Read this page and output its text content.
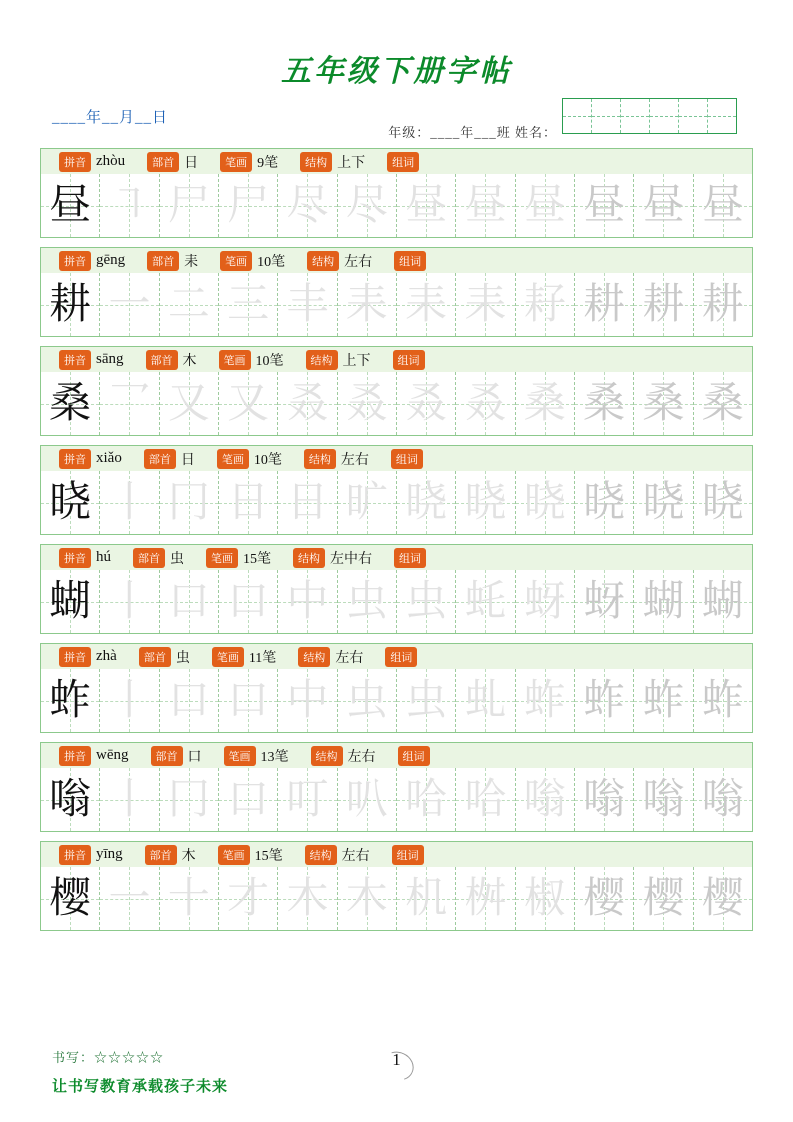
五年级下册字帖
____年__月__日
年级：____年___班 姓名：
拼音 zhòu	部首 日	笔画 9笔	结构 上下	组词
昼 ㇕ 尸 尸 尽 尽 昼 昼 昼 昼 昼 昼
拼音 gēng	部首 耒	笔画 10笔	结构 左右	组词
耕 一 二 三 丰 耒 耒 耒 耔 耕 耕 耕
拼音 sāng	部首 木	笔画 10笔	结构 上下	组词
桑 乛 又 又 叒 叒 叒 叒 桑 桑 桑 桑
拼音 xiǎo	部首 日	笔画 10笔	结构 左右	组词
晓 丨 冂 日 日 旷 晓 晓 晓 晓 晓 晓
拼音 hú	部首 虫	笔画 15笔	结构 左中右	组词
蝴 丨 口 口 中 虫 虫 虴 蚜 蚜 蝴 蝴
拼音 zhà	部首 虫	笔画 11笔	结构 左右	组词
蚱 丨 口 口 中 虫 虫 虬 蚱 蚱 蚱 蚱
拼音 wēng	部首 口	笔画 13笔	结构 左右	组词
嗡 丨 冂 口 叮 叭 哈 哈 嗡 嗡 嗡 嗡
拼音 yīng	部首 木	笔画 15笔	结构 左右	组词
樱 一 十 才 木 木 机 桝 椒 樱 樱 樱
书写：☆☆☆☆☆
让书写教育承载孩子未来
1
